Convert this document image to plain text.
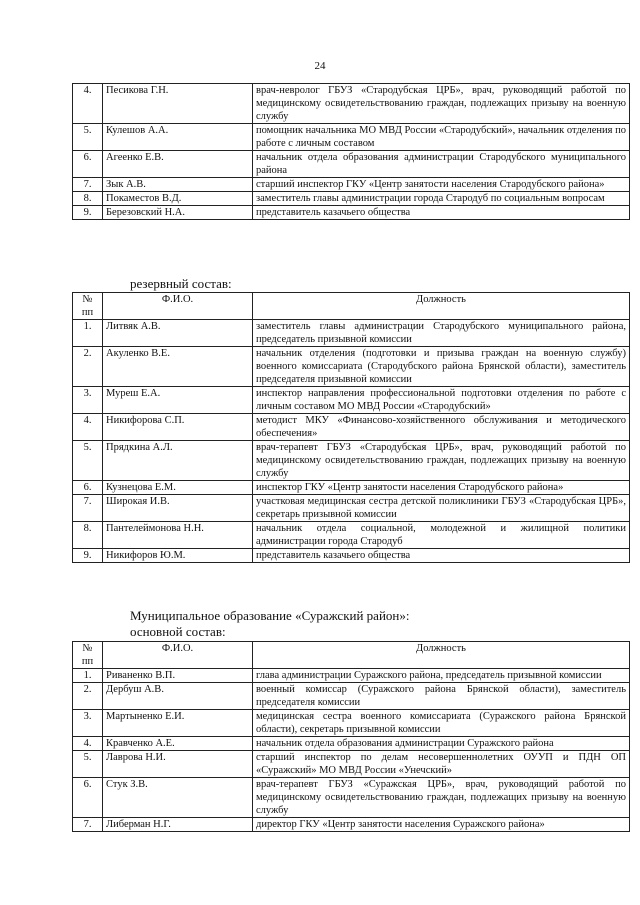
24
4.	Песикова Г.Н.	врач-невролог ГБУЗ «Стародубская ЦРБ», врач, руководящий работой по медицинскому освидетельствованию граждан, подлежащих призыву на военную службу
5.	Кулешов А.А.	помощник начальника МО МВД России «Стародубский», начальник отделения по работе с личным составом
6.	Агеенко Е.В.	начальник отдела образования администрации Стародубского муниципального района
7.	Зык А.В.	старший инспектор ГКУ «Центр занятости населения Стародубского района»
8.	Покаместов В.Д.	заместитель главы администрации города Стародуб по социальным вопросам
9.	Березовский Н.А.	представитель казачьего общества
резервный состав:
№ пп	Ф.И.О.	Должность
1.	Литвяк А.В.	заместитель главы администрации Стародубского муниципального района, председатель призывной комиссии
2.	Акуленко В.Е.	начальник отделения (подготовки и призыва граждан на военную службу) военного комиссариата (Стародубского района Брянской области), заместитель председателя призывной комиссии
3.	Муреш Е.А.	инспектор направления профессиональной подготовки отделения по работе с личным составом МО МВД России «Стародубский»
4.	Никифорова С.П.	методист МКУ «Финансово-хозяйственного обслуживания и методического обеспечения»
5.	Прядкина А.Л.	врач-терапевт ГБУЗ «Стародубская ЦРБ», врач, руководящий работой по медицинскому освидетельствованию граждан, подлежащих призыву на военную службу
6.	Кузнецова Е.М.	инспектор ГКУ «Центр занятости населения Стародубского района»
7.	Широкая И.В.	участковая медицинская сестра детской поликлиники ГБУЗ «Стародубская ЦРБ», секретарь призывной комиссии
8.	Пантелеймонова Н.Н.	начальник отдела социальной, молодежной и жилищной политики администрации города Стародуб
9.	Никифоров Ю.М.	представитель казачьего общества
Муниципальное образование «Суражский район»:
основной состав:
№ пп	Ф.И.О.	Должность
1.	Риваненко В.П.	глава администрации Суражского района, председатель призывной комиссии
2.	Дербуш А.В.	военный комиссар (Суражского района Брянской области), заместитель председателя комиссии
3.	Мартыненко Е.И.	медицинская сестра военного комиссариата (Суражского района Брянской области), секретарь призывной комиссии
4.	Кравченко А.Е.	начальник отдела образования администрации Суражского района
5.	Лаврова Н.И.	старший инспектор по делам несовершеннолетних ОУУП и ПДН ОП «Суражский» МО МВД России «Унечский»
6.	Стук З.В.	врач-терапевт ГБУЗ «Суражская ЦРБ», врач, руководящий работой по медицинскому освидетельствованию граждан, подлежащих призыву на военную службу
7.	Либерман Н.Г.	директор ГКУ «Центр занятости населения Суражского района»
